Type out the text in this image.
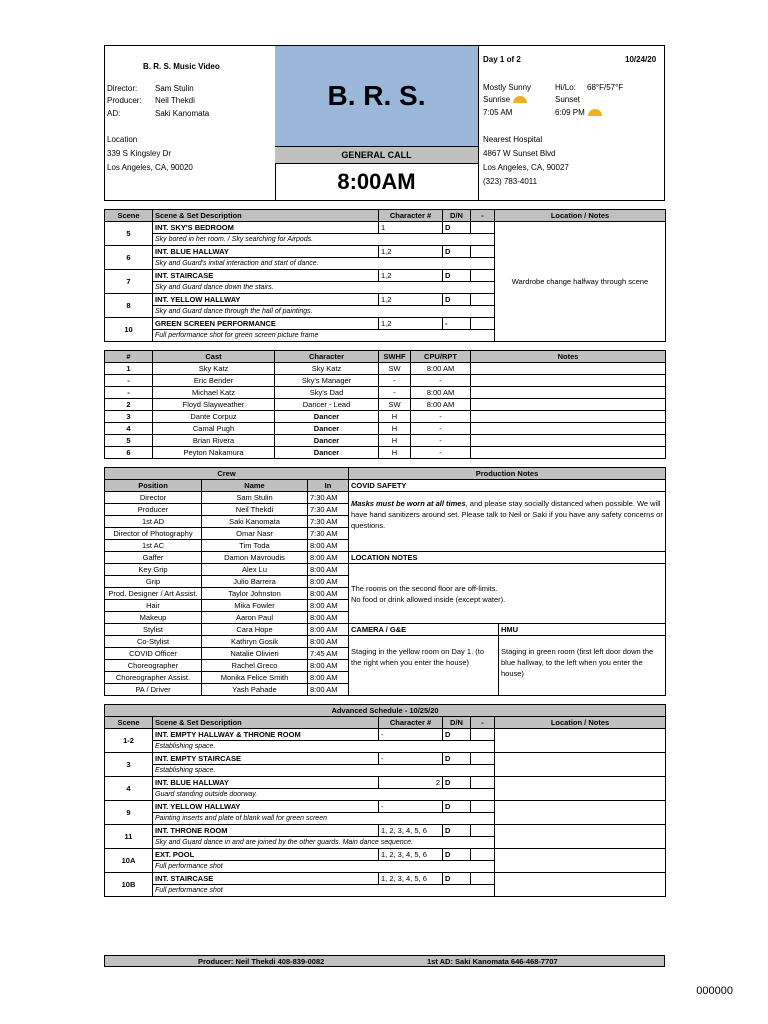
B. R. S. Music Video
Director: Sam Stulin
Producer: Neil Thekdi
AD:	Saki Kanomata
Location
339 S Kingsley Dr
Los Angeles, CA, 90020
B. R. S.
GENERAL CALL
8:00AM
Day 1 of 2	10/24/20
Mostly Sunny	Hi/Lo: 68°F/57°F
Sunrise	Sunset
7:05 AM	6:09 PM
Nearest Hospital
4867 W Sunset Blvd
Los Angeles, CA, 90027
(323) 783-4011
Scene	Scene & Set Description	Character #	D/N	-	Location / Notes
5	INT. SKY'S BEDROOM	1	D		Wardrobe change halfway through scene
	Sky bored in her room. / Sky searching for Airpods.				
6	INT. BLUE HALLWAY	1,2	D		
	Sky and Guard's initial interaction and start of dance.				
7	INT. STAIRCASE	1,2	D		
	Sky and Guard dance down the stairs.				
8	INT. YELLOW HALLWAY	1,2	D		
	Sky and Guard dance through the hall of paintings.				
10	GREEN SCREEN PERFORMANCE	1,2	-		
	Full performance shot for green screen picture frame				
#	Cast	Character	SWHF	CPU/RPT	Notes
1	Sky Katz	Sky Katz	SW	8:00 AM	
-	Eric Bender	Sky's Manager	-	-	
-	Michael Katz	Sky's Dad	-	8:00 AM	
2	Floyd Slayweather	Dancer - Lead	SW	8:00 AM	
3	Dante Corpuz	Dancer	H	-	
4	Camal Pugh	Dancer	H	-	
5	Brian Rivera	Dancer	H	-	
6	Peyton Nakamura	Dancer	H	-	
Crew			Production Notes	
Position	Name	In	COVID SAFETY	
Director	Sam Stulin	7:30 AM	Masks must be worn at all times, and please stay socially distanced when possible. We will have hand sanitizers around set. Please talk to Neil or Saki if you have any safety concerns or questions.	
Producer	Neil Thekdi	7:30 AM		
1st AD	Saki Kanomata	7:30 AM		
Director of Photography	Omar Nasr	7:30 AM		
1st AC	Tim Toda	8:00 AM		
Gaffer	Damon Mavroudis	8:00 AM	LOCATION NOTES	
Key Grip	Alex Lu	8:00 AM	The rooms on the second floor are off-limits.
No food or drink allowed inside (except water).	

Grip	Julio Barrera	8:00 AM		
Prod. Designer / Art Assist.	Taylor Johnston	8:00 AM		
Hair	Mika Fowler	8:00 AM		
Makeup	Aaron Paul	8:00 AM		
Stylist	Cara Hope	8:00 AM	CAMERA / G&E	HMU
Co-Stylist	Kathryn Gosik	8:00 AM	Staging in the yellow room on Day 1. (to the right when you enter the house)	Staging in green room (first left door down the blue hallway, to the left when you enter the house)
COVID Officer	Natalie Olivieri	7:45 AM		
Choreographer	Rachel Greco	8:00 AM		
Choreographer Assist.	Monika Felice Smith	8:00 AM		
PA / Driver	Yash Pahade	8:00 AM		
Advanced Schedule - 10/25/20					
Scene	Scene & Set Description	Character #	D/N	-	Location / Notes
1-2	INT. EMPTY HALLWAY & THRONE ROOM	-	D		
	Establishing space.				
3	INT. EMPTY STAIRCASE	-	D		
	Establishing space.				
4	INT. BLUE HALLWAY	2	D		
	Guard standing outside doorway.				
9	INT. YELLOW HALLWAY	-	D		
	Painting inserts and plate of blank wall for green screen				
11	INT. THRONE ROOM	1, 2, 3, 4, 5, 6	D		
	Sky and Guard dance in and are joined by the other guards. Main dance sequence.				
10A	EXT. POOL	1, 2, 3, 4, 5, 6	D		
	Full performance shot				
10B	INT. STAIRCASE	1, 2, 3, 4, 5, 6	D		
	Full performance shot				
Producer: Neil Thekdi 408-839-0082	1st AD: Saki Kanomata 646-468-7707
000000
